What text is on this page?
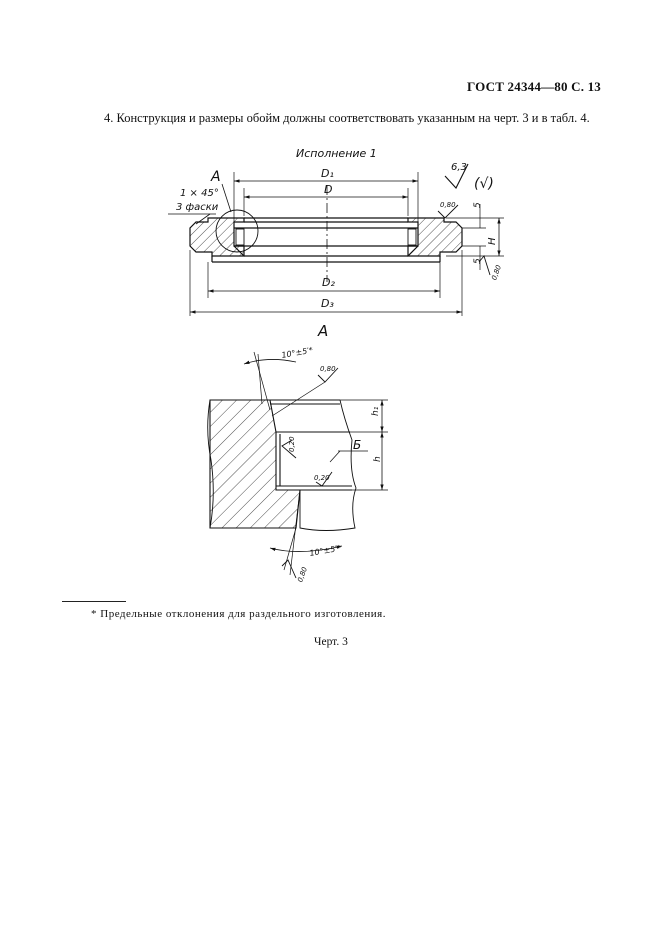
ГОСТ 24344—80 С. 13
4. Конструкция и размеры обойм должны соответствовать указанным на черт. 3 и в табл. 4.
Исполнение 1
6,3
(√)
A
1 × 45°
3 фаски
D₁
D
D₂
D₃
H
5
5
0,80
0,80
A
h₁
h
Б
10°±5′*
0,80
0,20
0,20
10°±5′*
0,80
* Предельные отклонения для раздельного изготовления.
Черт. 3
